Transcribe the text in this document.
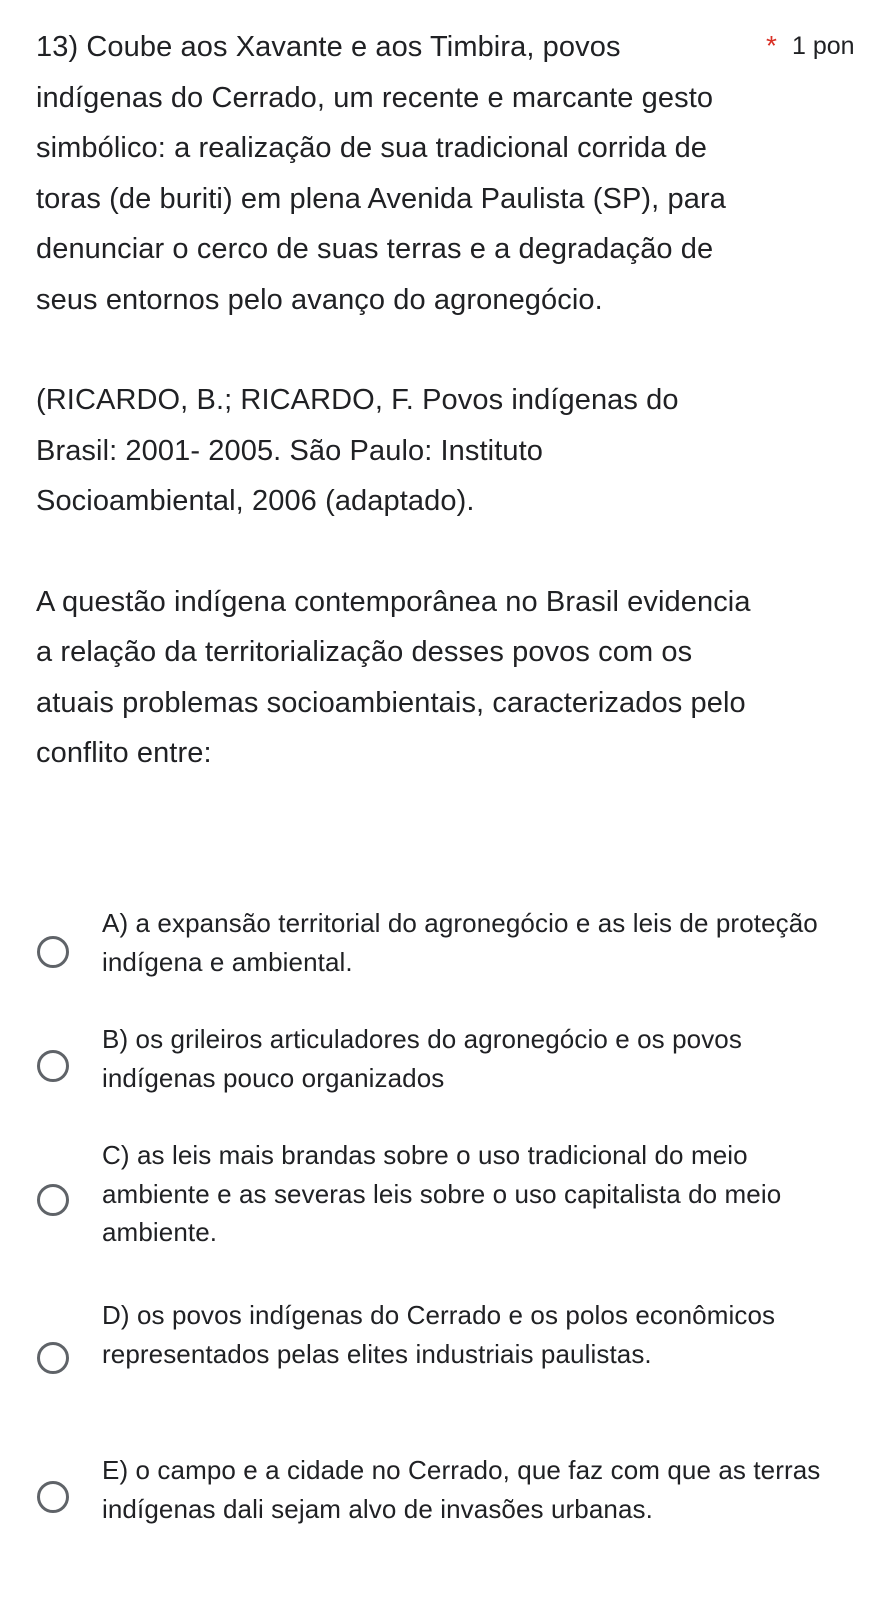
13) Coube aos Xavante e aos Timbira, povos indígenas do Cerrado, um recente e marcante gesto simbólico: a realização de sua tradicional corrida de toras (de buriti) em plena Avenida Paulista (SP), para denunciar o cerco de suas terras e a degradação de seus entornos pelo avanço do agronegócio.

* 1 pon

(RICARDO, B.; RICARDO, F. Povos indígenas do Brasil: 2001- 2005. São Paulo: Instituto Socioambiental, 2006 (adaptado).

A questão indígena contemporânea no Brasil evidencia a relação da territorialização desses povos com os atuais problemas socioambientais, caracterizados pelo conflito entre:

A) a expansão territorial do agronegócio e as leis de proteção indígena e ambiental.
B) os grileiros articuladores do agronegócio e os povos indígenas pouco organizados
C) as leis mais brandas sobre o uso tradicional do meio ambiente e as severas leis sobre o uso capitalista do meio ambiente.
D) os povos indígenas do Cerrado e os polos econômicos representados pelas elites industriais paulistas.
E) o campo e a cidade no Cerrado, que faz com que as terras indígenas dali sejam alvo de invasões urbanas.
